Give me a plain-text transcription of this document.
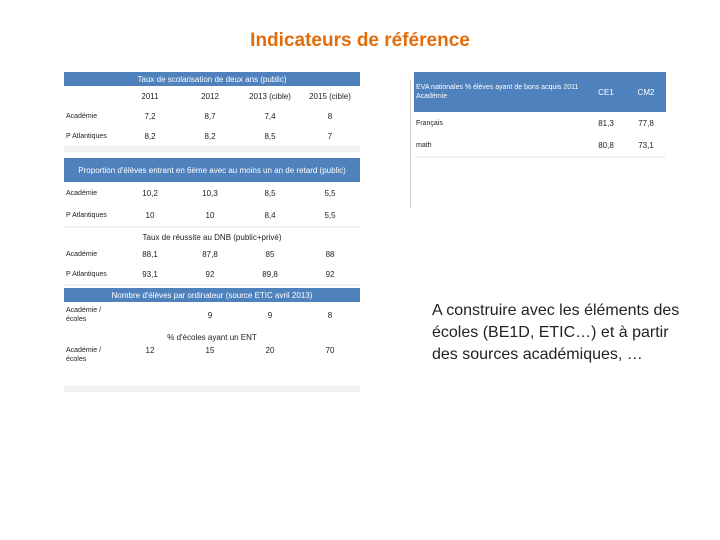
Indicateurs de référence
Taux de scolarisation de deux ans (public)				
	2011	2012	2013 (cible)	2015 (cible)
Académie	7,2	8,7	7,4	8
P Atlantiques	8,2	8,2	8,5	7
Proportion d'élèves entrant en 6ème avec au moins un an de retard (public)				
Académie	10,2	10,3	8,5	5,5
P Atlantiques	10	10	8,4	5,5
Taux de réussite au DNB (public+privé)				
Académie	88,1	87,8	85	88
P Atlantiques	93,1	92	89,8	92
Nombre d'élèves par ordinateur (source ETIC avril 2013)				
Académie /écoles		9	9	8
% d'écoles ayant un ENT				
Académie /écoles	12	15	20	70
EVA nationales % élèves ayant de bons acquis 2011 Académie	CE1	CM2
Français	81,3	77,8
math	80,8	73,1
A construire avec les éléments des écoles (BE1D, ETIC…) et à partir des sources académiques, …
